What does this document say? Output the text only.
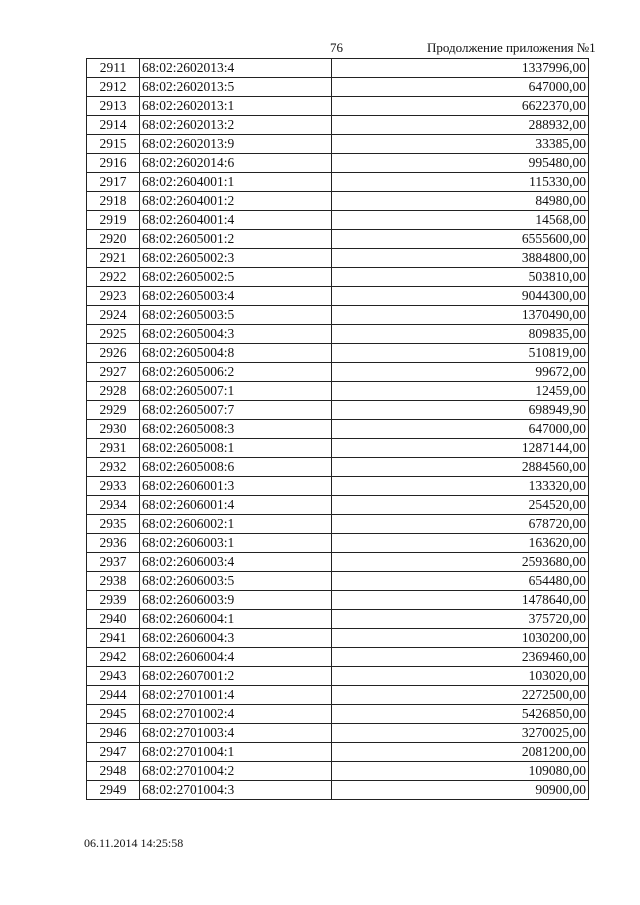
76	Продолжение приложения №1
2911	68:02:2602013:4	1337996,00
2912	68:02:2602013:5	647000,00
2913	68:02:2602013:1	6622370,00
2914	68:02:2602013:2	288932,00
2915	68:02:2602013:9	33385,00
2916	68:02:2602014:6	995480,00
2917	68:02:2604001:1	115330,00
2918	68:02:2604001:2	84980,00
2919	68:02:2604001:4	14568,00
2920	68:02:2605001:2	6555600,00
2921	68:02:2605002:3	3884800,00
2922	68:02:2605002:5	503810,00
2923	68:02:2605003:4	9044300,00
2924	68:02:2605003:5	1370490,00
2925	68:02:2605004:3	809835,00
2926	68:02:2605004:8	510819,00
2927	68:02:2605006:2	99672,00
2928	68:02:2605007:1	12459,00
2929	68:02:2605007:7	698949,90
2930	68:02:2605008:3	647000,00
2931	68:02:2605008:1	1287144,00
2932	68:02:2605008:6	2884560,00
2933	68:02:2606001:3	133320,00
2934	68:02:2606001:4	254520,00
2935	68:02:2606002:1	678720,00
2936	68:02:2606003:1	163620,00
2937	68:02:2606003:4	2593680,00
2938	68:02:2606003:5	654480,00
2939	68:02:2606003:9	1478640,00
2940	68:02:2606004:1	375720,00
2941	68:02:2606004:3	1030200,00
2942	68:02:2606004:4	2369460,00
2943	68:02:2607001:2	103020,00
2944	68:02:2701001:4	2272500,00
2945	68:02:2701002:4	5426850,00
2946	68:02:2701003:4	3270025,00
2947	68:02:2701004:1	2081200,00
2948	68:02:2701004:2	109080,00
2949	68:02:2701004:3	90900,00
06.11.2014 14:25:58
